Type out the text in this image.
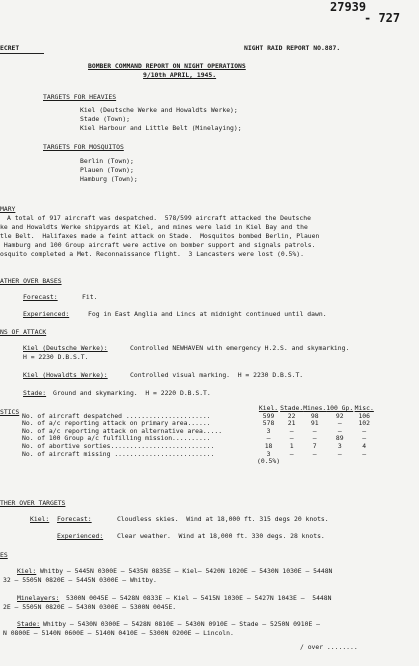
27939
- 727
ECRET	NIGHT RAID REPORT NO.887.
BOMBER COMMAND REPORT ON NIGHT OPERATIONS
9/10th APRIL, 1945.
TARGETS FOR HEAVIES
Kiel (Deutsche Werke and Howaldts Werke);
Stade (Town);
Kiel Harbour and Little Belt (Minelaying);
TARGETS FOR MOSQUITOS
Berlin (Town);
Plauen (Town);
Hamburg (Town);
MARY
A total of 917 aircraft was despatched.  578/599 aircraft attacked the Deutsche
ke and Howaldts Werke shipyards at Kiel, and mines were laid in Kiel Bay and the
tle Belt.  Halifaxes made a feint attack on Stade.  Mosquitos bombed Berlin, Plauen
Hamburg and 100 Group aircraft were active on bomber support and signals patrols.
osquito completed a Met. Reconnaissance flight.  3 Lancasters were lost (0.5%).
ATHER OVER BASES
Forecast:	Fit.
Experienced:	Fog in East Anglia and Lincs at midnight continued until dawn.
NS OF ATTACK
Kiel (Deutsche Werke):	Controlled NEWHAVEN with emergency H.2.S. and skymarking.
H = 2230 D.B.S.T.
Kiel (Howaldts Werke):	Controlled visual marking.  H = 2230 D.B.S.T.
Stade: Ground and skymarking.  H = 2220 D.B.S.T.
STICS
		Kiel.	Stade.	Mines.	100 Gp.	Misc.
No. of aircraft despatched ......................	599	22	98	92	106
No. of a/c reporting attack on primary area......	578	21	91	–	102
No. of a/c reporting attack on alternative area.....	3	–	–	–	–
No. of 100 Group a/c fulfilling mission..........	–	–	–	89	–
No. of abortive sorties...........................	18	1	7	3	4
No. of aircraft missing ..........................	3	–	–	–	–
	(0.5%)				
THER OVER TARGETS
Kiel: Forecast:	Cloudless skies.  Wind at 18,000 ft. 315 degs 20 knots.
Experienced: Clear weather.  Wind at 18,000 ft. 330 degs. 28 knots.
ES
Kiel: Whitby – 5445N 0300E – 5435N 0835E – Kiel– 5420N 1020E – 5430N 1030E – 5448N
32 – 5505N 0820E – 5445N 0300E – Whitby.
Minelayers: 5300N 0045E – 5428N 0833E – Kiel – 5415N 1030E – 5427N 1043E –  5448N
2E – 5505N 0820E – 5430N 0300E – 5300N 0045E.
Stade: Whitby – 5430N 0300E – 5428N 0810E – 5430N 0910E – Stade – 5250N 0910E –
N 0800E – 5140N 0600E – 5140N 0410E – 5300N 0200E – Lincoln.
/ over ........
